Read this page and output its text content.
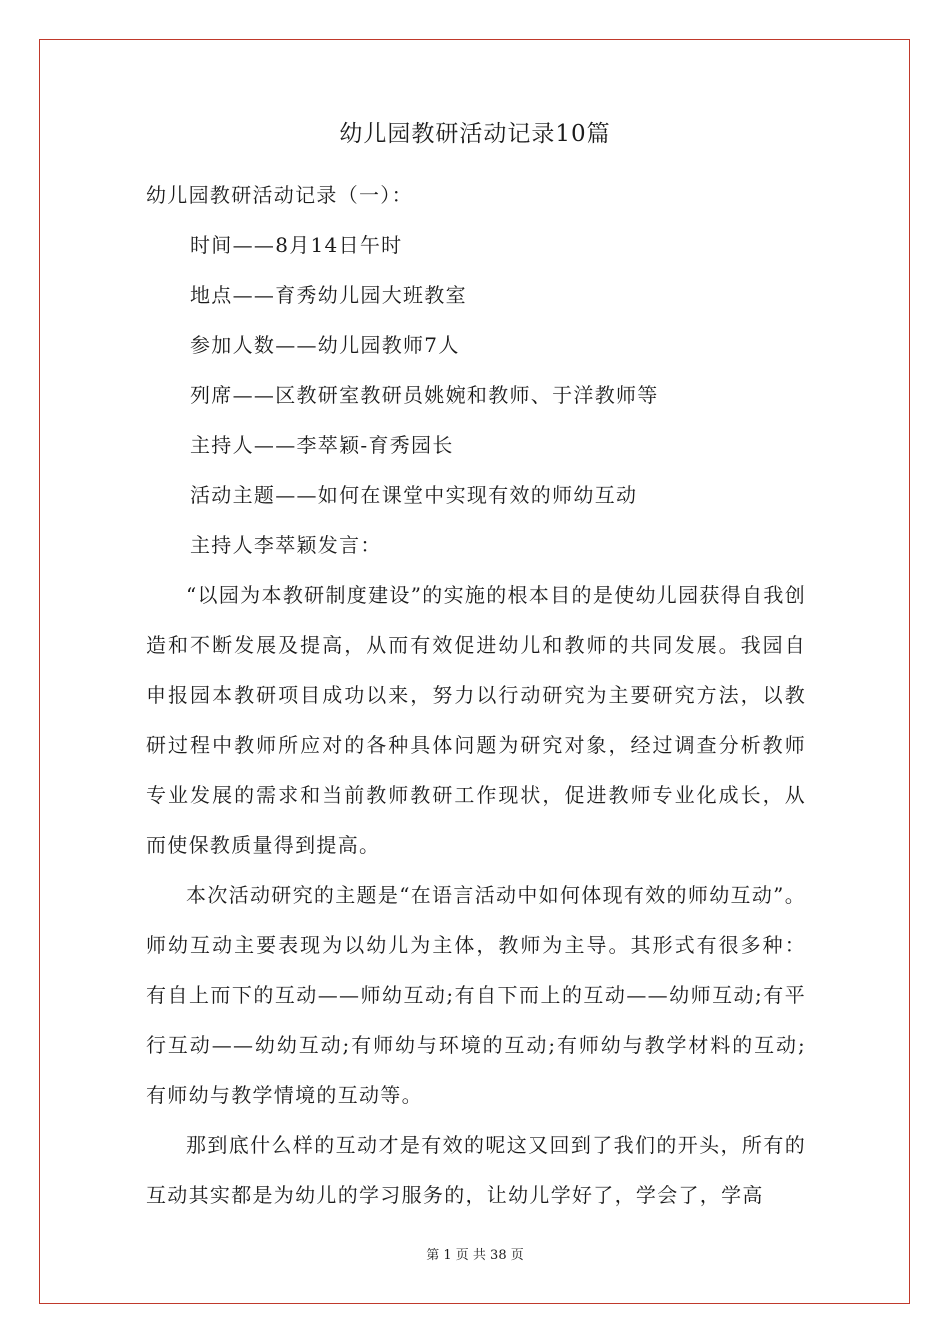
幼儿园教研活动记录10篇

幼儿园教研活动记录（一）：

时间——8月14日午时

地点——育秀幼儿园大班教室

参加人数——幼儿园教师7人

列席——区教研室教研员姚婉和教师、于洋教师等

主持人——李萃颖-育秀园长

活动主题——如何在课堂中实现有效的师幼互动

主持人李萃颖发言：

“以园为本教研制度建设”的实施的根本目的是使幼儿园获得自我创造和不断发展及提高，从而有效促进幼儿和教师的共同发展。我园自申报园本教研项目成功以来，努力以行动研究为主要研究方法，以教研过程中教师所应对的各种具体问题为研究对象，经过调查分析教师专业发展的需求和当前教师教研工作现状，促进教师专业化成长，从而使保教质量得到提高。

本次活动研究的主题是“在语言活动中如何体现有效的师幼互动”。师幼互动主要表现为以幼儿为主体，教师为主导。其形式有很多种：有自上而下的互动——师幼互动;有自下而上的互动——幼师互动;有平行互动——幼幼互动;有师幼与环境的互动;有师幼与教学材料的互动;有师幼与教学情境的互动等。

那到底什么样的互动才是有效的呢这又回到了我们的开头，所有的互动其实都是为幼儿的学习服务的，让幼儿学好了，学会了，学高

第 1 页 共 38 页
